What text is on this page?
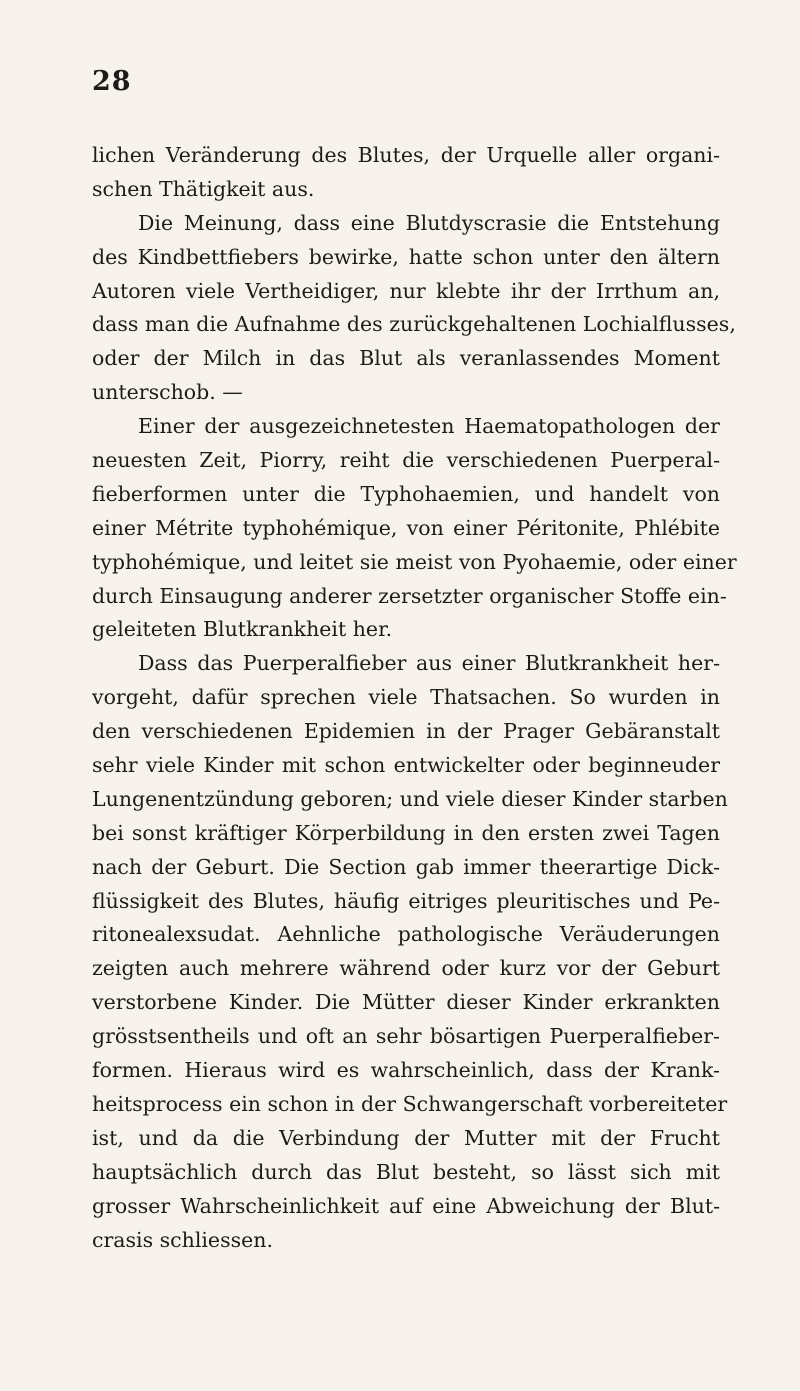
28
lichen Veränderung des Blutes, der Urquelle aller organi-
schen Thätigkeit aus.
Die Meinung, dass eine Blutdyscrasie die Entstehung
des Kindbettfiebers bewirke, hatte schon unter den ältern
Autoren viele Vertheidiger, nur klebte ihr der Irrthum an,
dass man die Aufnahme des zurückgehaltenen Lochialflusses,
oder der Milch in das Blut als veranlassendes Moment
unterschob. —
Einer der ausgezeichnetesten Haematopathologen der
neuesten Zeit, Piorry, reiht die verschiedenen Puerperal-
fieberformen unter die Typhohaemien, und handelt von
einer Métrite typhohémique, von einer Péritonite, Phlébite
typhohémique, und leitet sie meist von Pyohaemie, oder einer
durch Einsaugung anderer zersetzter organischer Stoffe ein-
geleiteten Blutkrankheit her.
Dass das Puerperalfieber aus einer Blutkrankheit her-
vorgeht, dafür sprechen viele Thatsachen. So wurden in
den verschiedenen Epidemien in der Prager Gebäranstalt
sehr viele Kinder mit schon entwickelter oder beginneuder
Lungenentzündung geboren; und viele dieser Kinder starben
bei sonst kräftiger Körperbildung in den ersten zwei Tagen
nach der Geburt. Die Section gab immer theerartige Dick-
flüssigkeit des Blutes, häufig eitriges pleuritisches und Pe-
ritonealexsudat. Aehnliche pathologische Veräuderungen
zeigten auch mehrere während oder kurz vor der Geburt
verstorbene Kinder. Die Mütter dieser Kinder erkrankten
grösstsentheils und oft an sehr bösartigen Puerperalfieber-
formen. Hieraus wird es wahrscheinlich, dass der Krank-
heitsprocess ein schon in der Schwangerschaft vorbereiteter
ist, und da die Verbindung der Mutter mit der Frucht
hauptsächlich durch das Blut besteht, so lässt sich mit
grosser Wahrscheinlichkeit auf eine Abweichung der Blut-
crasis schliessen.
